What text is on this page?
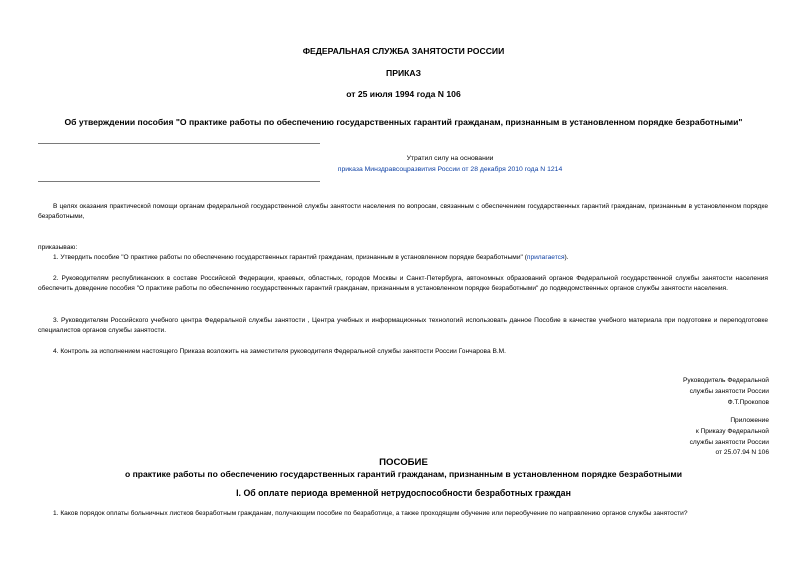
ФЕДЕРАЛЬНАЯ СЛУЖБА ЗАНЯТОСТИ РОССИИ
ПРИКАЗ
от 25 июля 1994 года N 106
Об утверждении пособия "О практике работы по обеспечению государственных гарантий гражданам, признанным в установленном порядке безработными"
Утратил силу на основании
приказа Минздравсоцразвития России от 28 декабря 2010 года N 1214
В целях оказания практической помощи органам федеральной государственной службы занятости населения по вопросам, связанным с обеспечением государственных гарантий гражданам, признанным в установленном порядке безработными,
приказываю:
1. Утвердить пособие "О практике работы по обеспечению государственных гарантий гражданам, признанным в установленном порядке безработными" (прилагается).
2. Руководителям республиканских в составе Российской Федерации, краевых, областных, городов Москвы и Санкт-Петербурга, автономных образований органов Федеральной государственной службы занятости населения обеспечить доведение пособия "О практике работы по обеспечению государственных гарантий гражданам, признанным в установленном порядке безработными" до подведомственных органов службы занятости населения.
3. Руководителям Российского учебного центра Федеральной службы занятости , Центра учебных и информационных технологий использовать данное Пособие в качестве учебного материала при подготовке и переподготовке специалистов органов службы занятости.
4. Контроль за исполнением настоящего Приказа возложить на заместителя руководителя Федеральной службы занятости России Гончарова В.М.
Руководитель Федеральной
службы занятости России
Ф.Т.Прокопов
Приложение
к Приказу Федеральной
службы занятости России
от 25.07.94 N 106
ПОСОБИЕ
о практике работы по обеспечению государственных гарантий гражданам, признанным в установленном порядке безработными
I. Об оплате периода временной нетрудоспособности безработных граждан
1. Каков порядок оплаты больничных листков безработным гражданам, получающим пособие по безработице, а также проходящим обучение или переобучение по направлению органов службы занятости?
